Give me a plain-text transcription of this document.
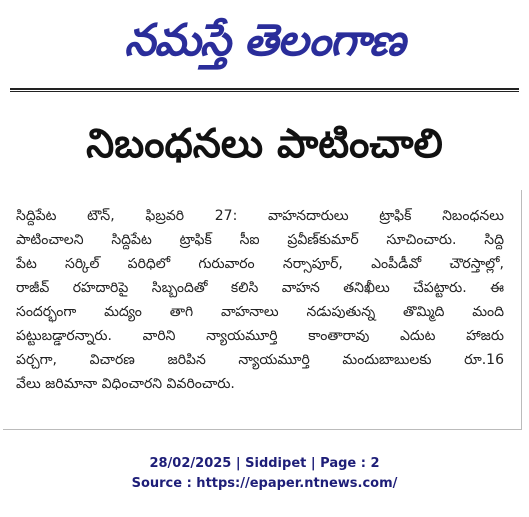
నమస్తే తెలంగాణ
నిబంధనలు పాటించాలి
సిద్దిపేట టౌన్, ఫిబ్రవరి 27: వాహనదారులు ట్రాఫిక్ నిబంధనలు
పాటించాలని సిద్దిపేట ట్రాఫిక్ సీఐ ప్రవీణ్‌కుమార్ సూచించారు. సిద్ది
పేట సర్కిల్ పరిధిలో గురువారం నర్సాపూర్, ఎంపీడీవో చౌరస్తాల్లో,
రాజీవ్ రహదారిపై సిబ్బందితో కలిసి వాహన తనిఖీలు చేపట్టారు. ఈ
సందర్భంగా మద్యం తాగి వాహనాలు నడుపుతున్న తొమ్మిది మంది
పట్టుబడ్డారన్నారు. వారిని న్యాయమూర్తి కాంతారావు ఎదుట హాజరు
పర్చగా, విచారణ జరిపిన న్యాయమూర్తి మందుబాబులకు రూ.16
వేలు జరిమానా విధించారని వివరించారు.
28/02/2025 | Siddipet | Page : 2
Source : https://epaper.ntnews.com/
